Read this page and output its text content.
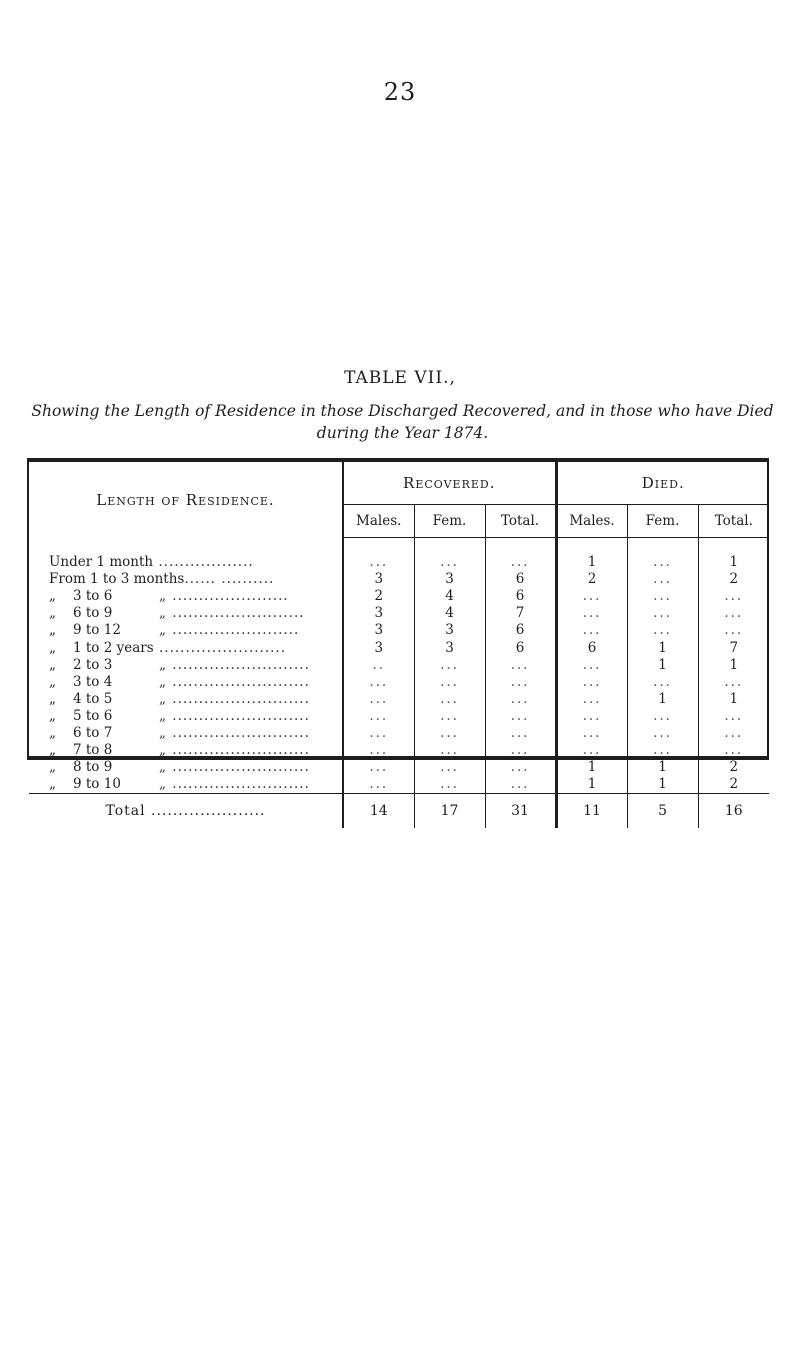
23
TABLE VII.,
Showing the Length of Residence in those Discharged Recovered, and in those who have Died during the Year 1874.
Length of Residence.	Recovered.			Died.		
	Males.	Fem.	Total.	Males.	Fem.	Total.

Under 1 month ..................	...	...	...	1	...	1
From 1 to 3 months...... ..........	3	3	6	2	...	2
„ 3 to 6 „ ......................	2	4	6	...	...	...
„ 6 to 9 „ .........................	3	4	7	...	...	...
„ 9 to 12 „ ........................	3	3	6	...	...	...
„ 1 to 2 years ........................	3	3	6	6	1	7
„ 2 to 3 „ ..........................	..	...	...	...	1	1
„ 3 to 4 „ ..........................	...	...	...	...	...	...
„ 4 to 5 „ ..........................	...	...	...	...	1	1
„ 5 to 6 „ ..........................	...	...	...	...	...	...
„ 6 to 7 „ ..........................	...	...	...	...	...	...
„ 7 to 8 „ ..........................	...	...	...	...	...	...
„ 8 to 9 „ ..........................	...	...	...	1	1	2
„ 9 to 10 „ ..........................	...	...	...	1	1	2
Total .....................	14	17	31	11	5	16
